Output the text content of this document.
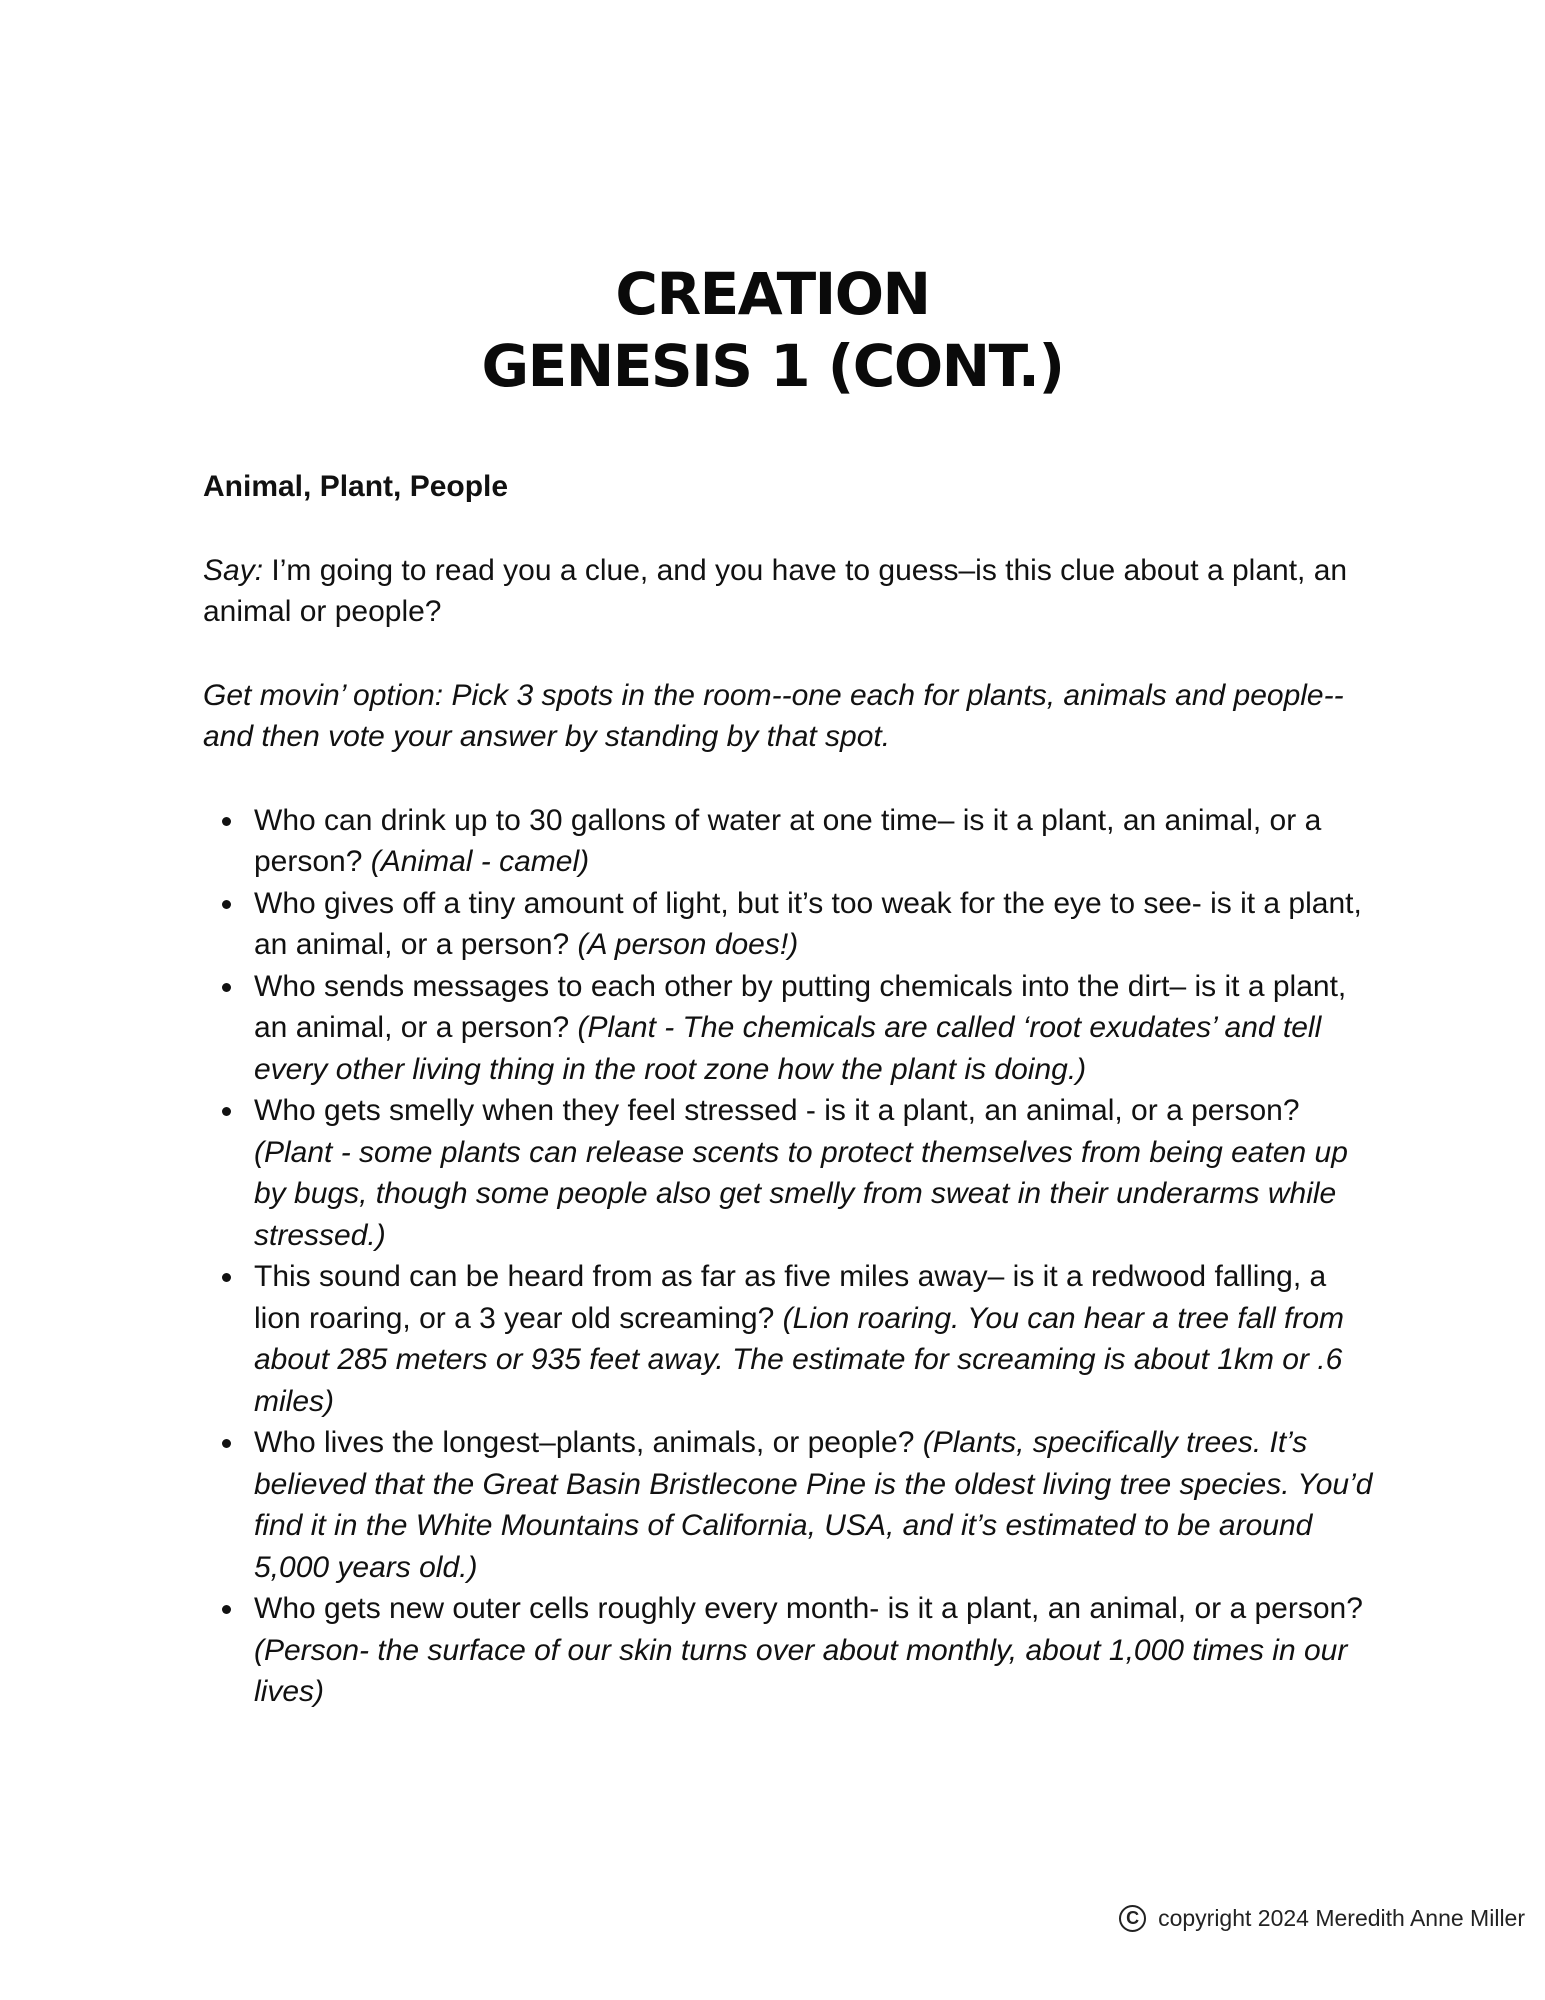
CREATION
GENESIS 1 (CONT.)
Animal, Plant, People

Say: I’m going to read you a clue, and you have to guess–is this clue about a plant, an animal or people?

Get movin’ option: Pick 3 spots in the room--one each for plants, animals and people--and then vote your answer by standing by that spot.

Who can drink up to 30 gallons of water at one time– is it a plant, an animal, or a person? (Animal - camel)
Who gives off a tiny amount of light, but it’s too weak for the eye to see- is it a plant, an animal, or a person? (A person does!)
Who sends messages to each other by putting chemicals into the dirt– is it a plant, an animal, or a person? (Plant - The chemicals are called ‘root exudates’ and tell every other living thing in the root zone how the plant is doing.)
Who gets smelly when they feel stressed - is it a plant, an animal, or a person? (Plant - some plants can release scents to protect themselves from being eaten up by bugs, though some people also get smelly from sweat in their underarms while stressed.)
This sound can be heard from as far as five miles away– is it a redwood falling, a lion roaring, or a 3 year old screaming? (Lion roaring. You can hear a tree fall from about 285 meters or 935 feet away. The estimate for screaming is about 1km or .6 miles)
Who lives the longest–plants, animals, or people? (Plants, specifically trees. It’s believed that the Great Basin Bristlecone Pine is the oldest living tree species. You’d find it in the White Mountains of California, USA, and it’s estimated to be around 5,000 years old.)
Who gets new outer cells roughly every month- is it a plant, an animal, or a person? (Person- the surface of our skin turns over about monthly, about 1,000 times in our lives)
C copyright 2024 Meredith Anne Miller
